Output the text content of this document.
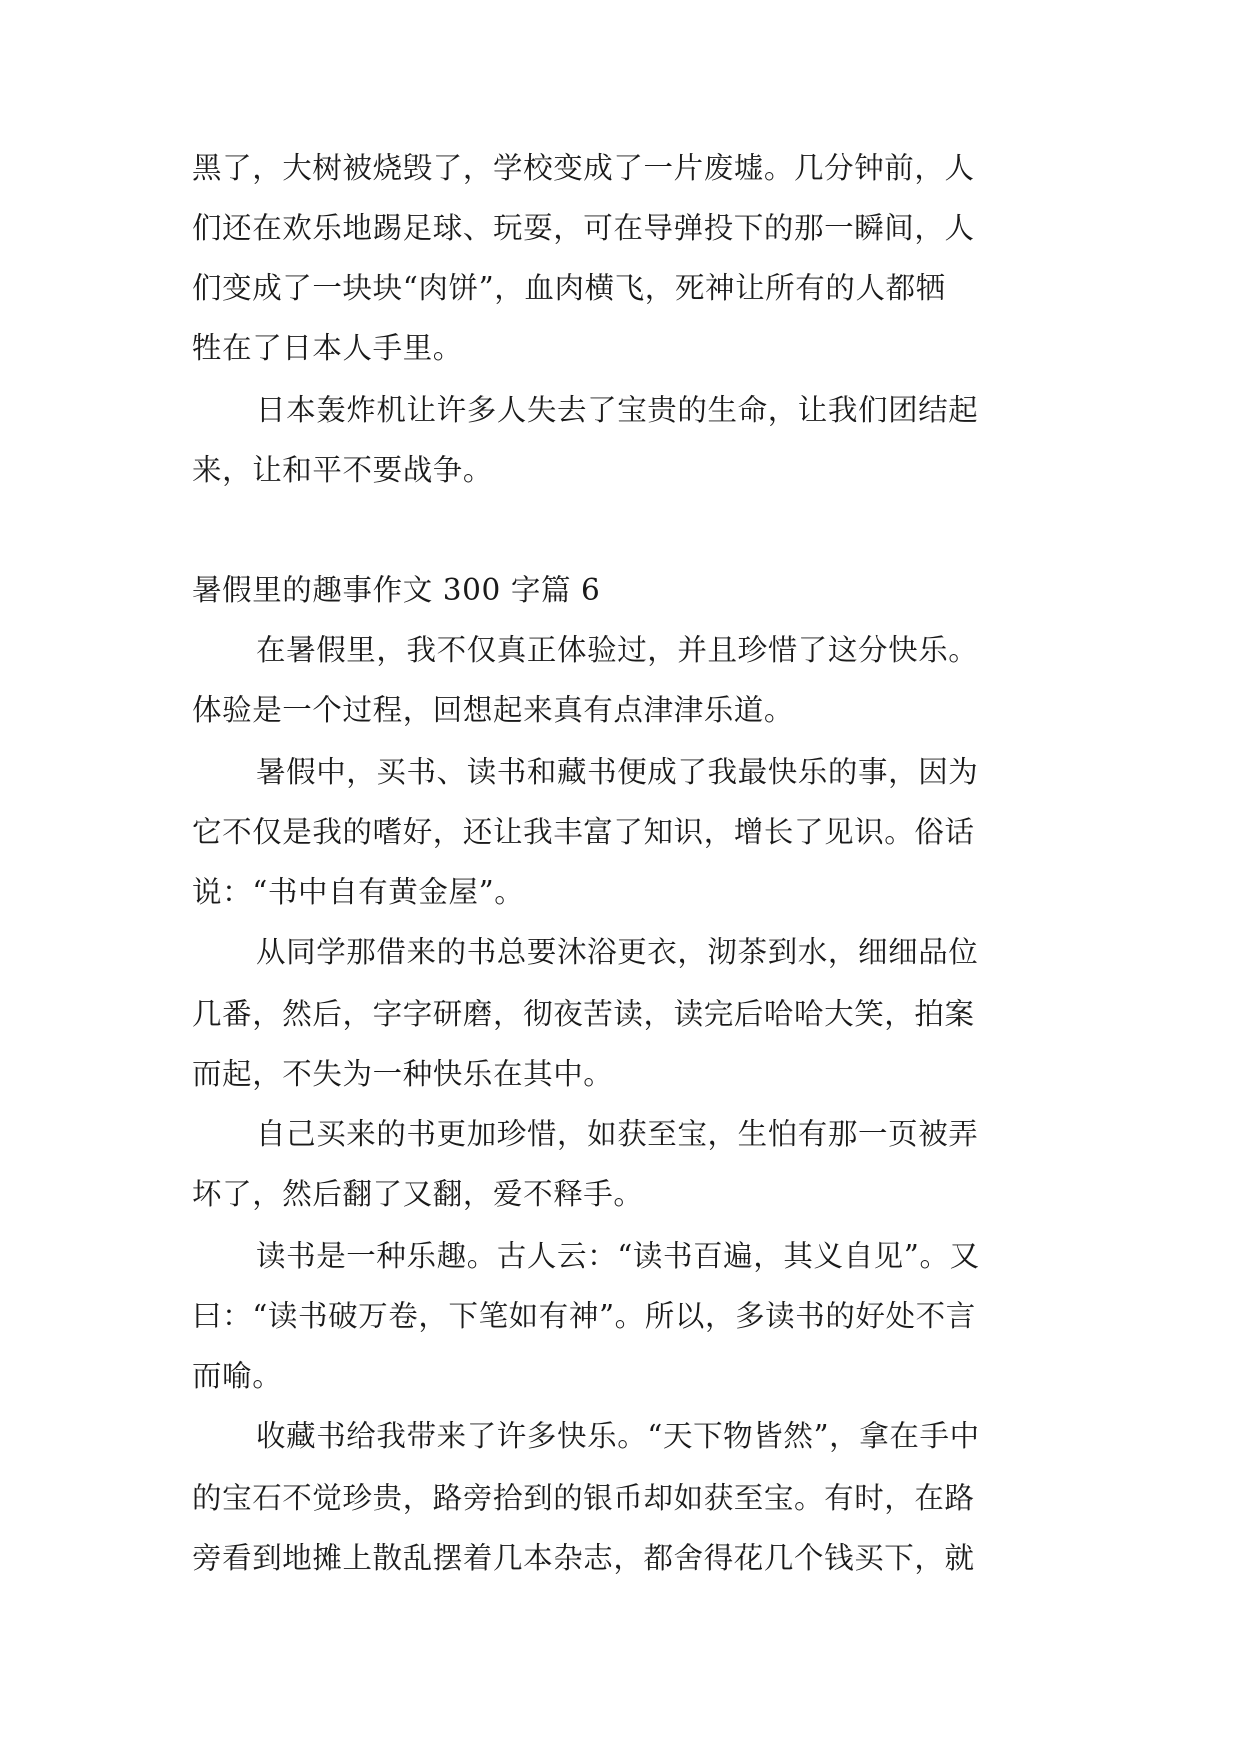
黑了，大树被烧毁了，学校变成了一片废墟。几分钟前，人
们还在欢乐地踢足球、玩耍，可在导弹投下的那一瞬间，人
们变成了一块块“肉饼”，血肉横飞，死神让所有的人都牺
牲在了日本人手里。
日本轰炸机让许多人失去了宝贵的生命，让我们团结起
来，让和平不要战争。
暑假里的趣事作文 300 字篇 6
在暑假里，我不仅真正体验过，并且珍惜了这分快乐。
体验是一个过程，回想起来真有点津津乐道。
暑假中，买书、读书和藏书便成了我最快乐的事，因为
它不仅是我的嗜好，还让我丰富了知识，增长了见识。俗话
说：“书中自有黄金屋”。
从同学那借来的书总要沐浴更衣，沏茶到水，细细品位
几番，然后，字字研磨，彻夜苦读，读完后哈哈大笑，拍案
而起，不失为一种快乐在其中。
自己买来的书更加珍惜，如获至宝，生怕有那一页被弄
坏了，然后翻了又翻，爱不释手。
读书是一种乐趣。古人云：“读书百遍，其义自见”。又
曰：“读书破万卷，下笔如有神”。所以，多读书的好处不言
而喻。
收藏书给我带来了许多快乐。“天下物皆然”，拿在手中
的宝石不觉珍贵，路旁拾到的银币却如获至宝。有时，在路
旁看到地摊上散乱摆着几本杂志，都舍得花几个钱买下，就
